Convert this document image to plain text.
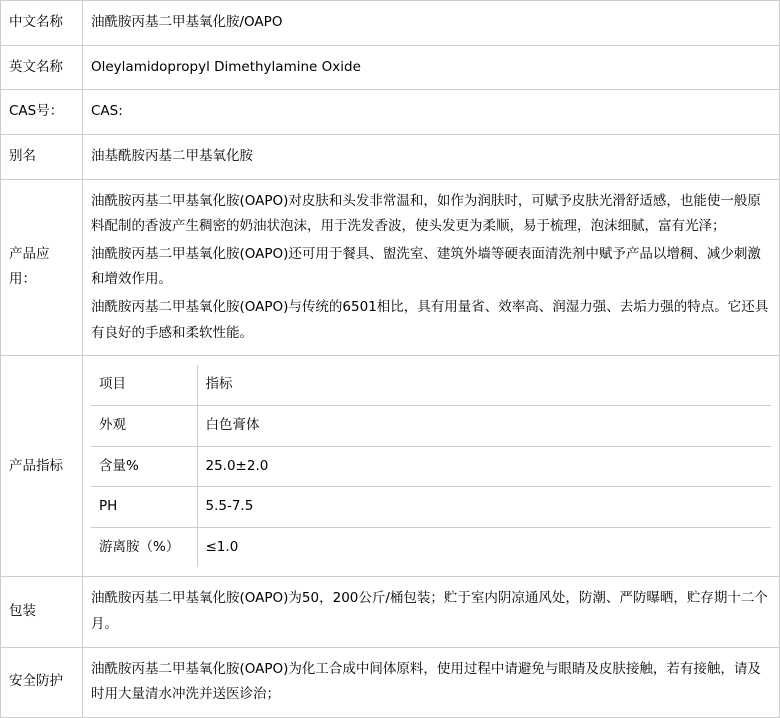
中文名称	油酰胺丙基二甲基氧化胺/OAPO
英文名称	Oleylamidopropyl Dimethylamine Oxide
CAS号：	CAS:
别名	油基酰胺丙基二甲基氧化胺
产品应用：	

油酰胺丙基二甲基氧化胺(OAPO)对皮肤和头发非常温和，如作为润肤时，可赋予皮肤光滑舒适感，也能使一般原料配制的香波产生稠密的奶油状泡沫，用于洗发香波，使头发更为柔顺，易于梳理，泡沫细腻，富有光泽；

油酰胺丙基二甲基氧化胺(OAPO)还可用于餐具、盥洗室、建筑外墙等硬表面清洗剂中赋予产品以增稠、减少刺激和增效作用。

油酰胺丙基二甲基氧化胺(OAPO)与传统的6501相比，具有用量省、效率高、润湿力强、去垢力强的特点。它还具有良好的手感和柔软性能。

产品指标	
项目	指标
外观	白色膏体
含量%	25.0±2.0
PH	5.5-7.5
游离胺（%）	≤1.0

包装	油酰胺丙基二甲基氧化胺(OAPO)为50，200公斤/桶包装；贮于室内阴凉通风处，防潮、严防曝晒，贮存期十二个月。
安全防护	油酰胺丙基二甲基氧化胺(OAPO)为化工合成中间体原料，使用过程中请避免与眼睛及皮肤接触，若有接触，请及时用大量清水冲洗并送医诊治；
